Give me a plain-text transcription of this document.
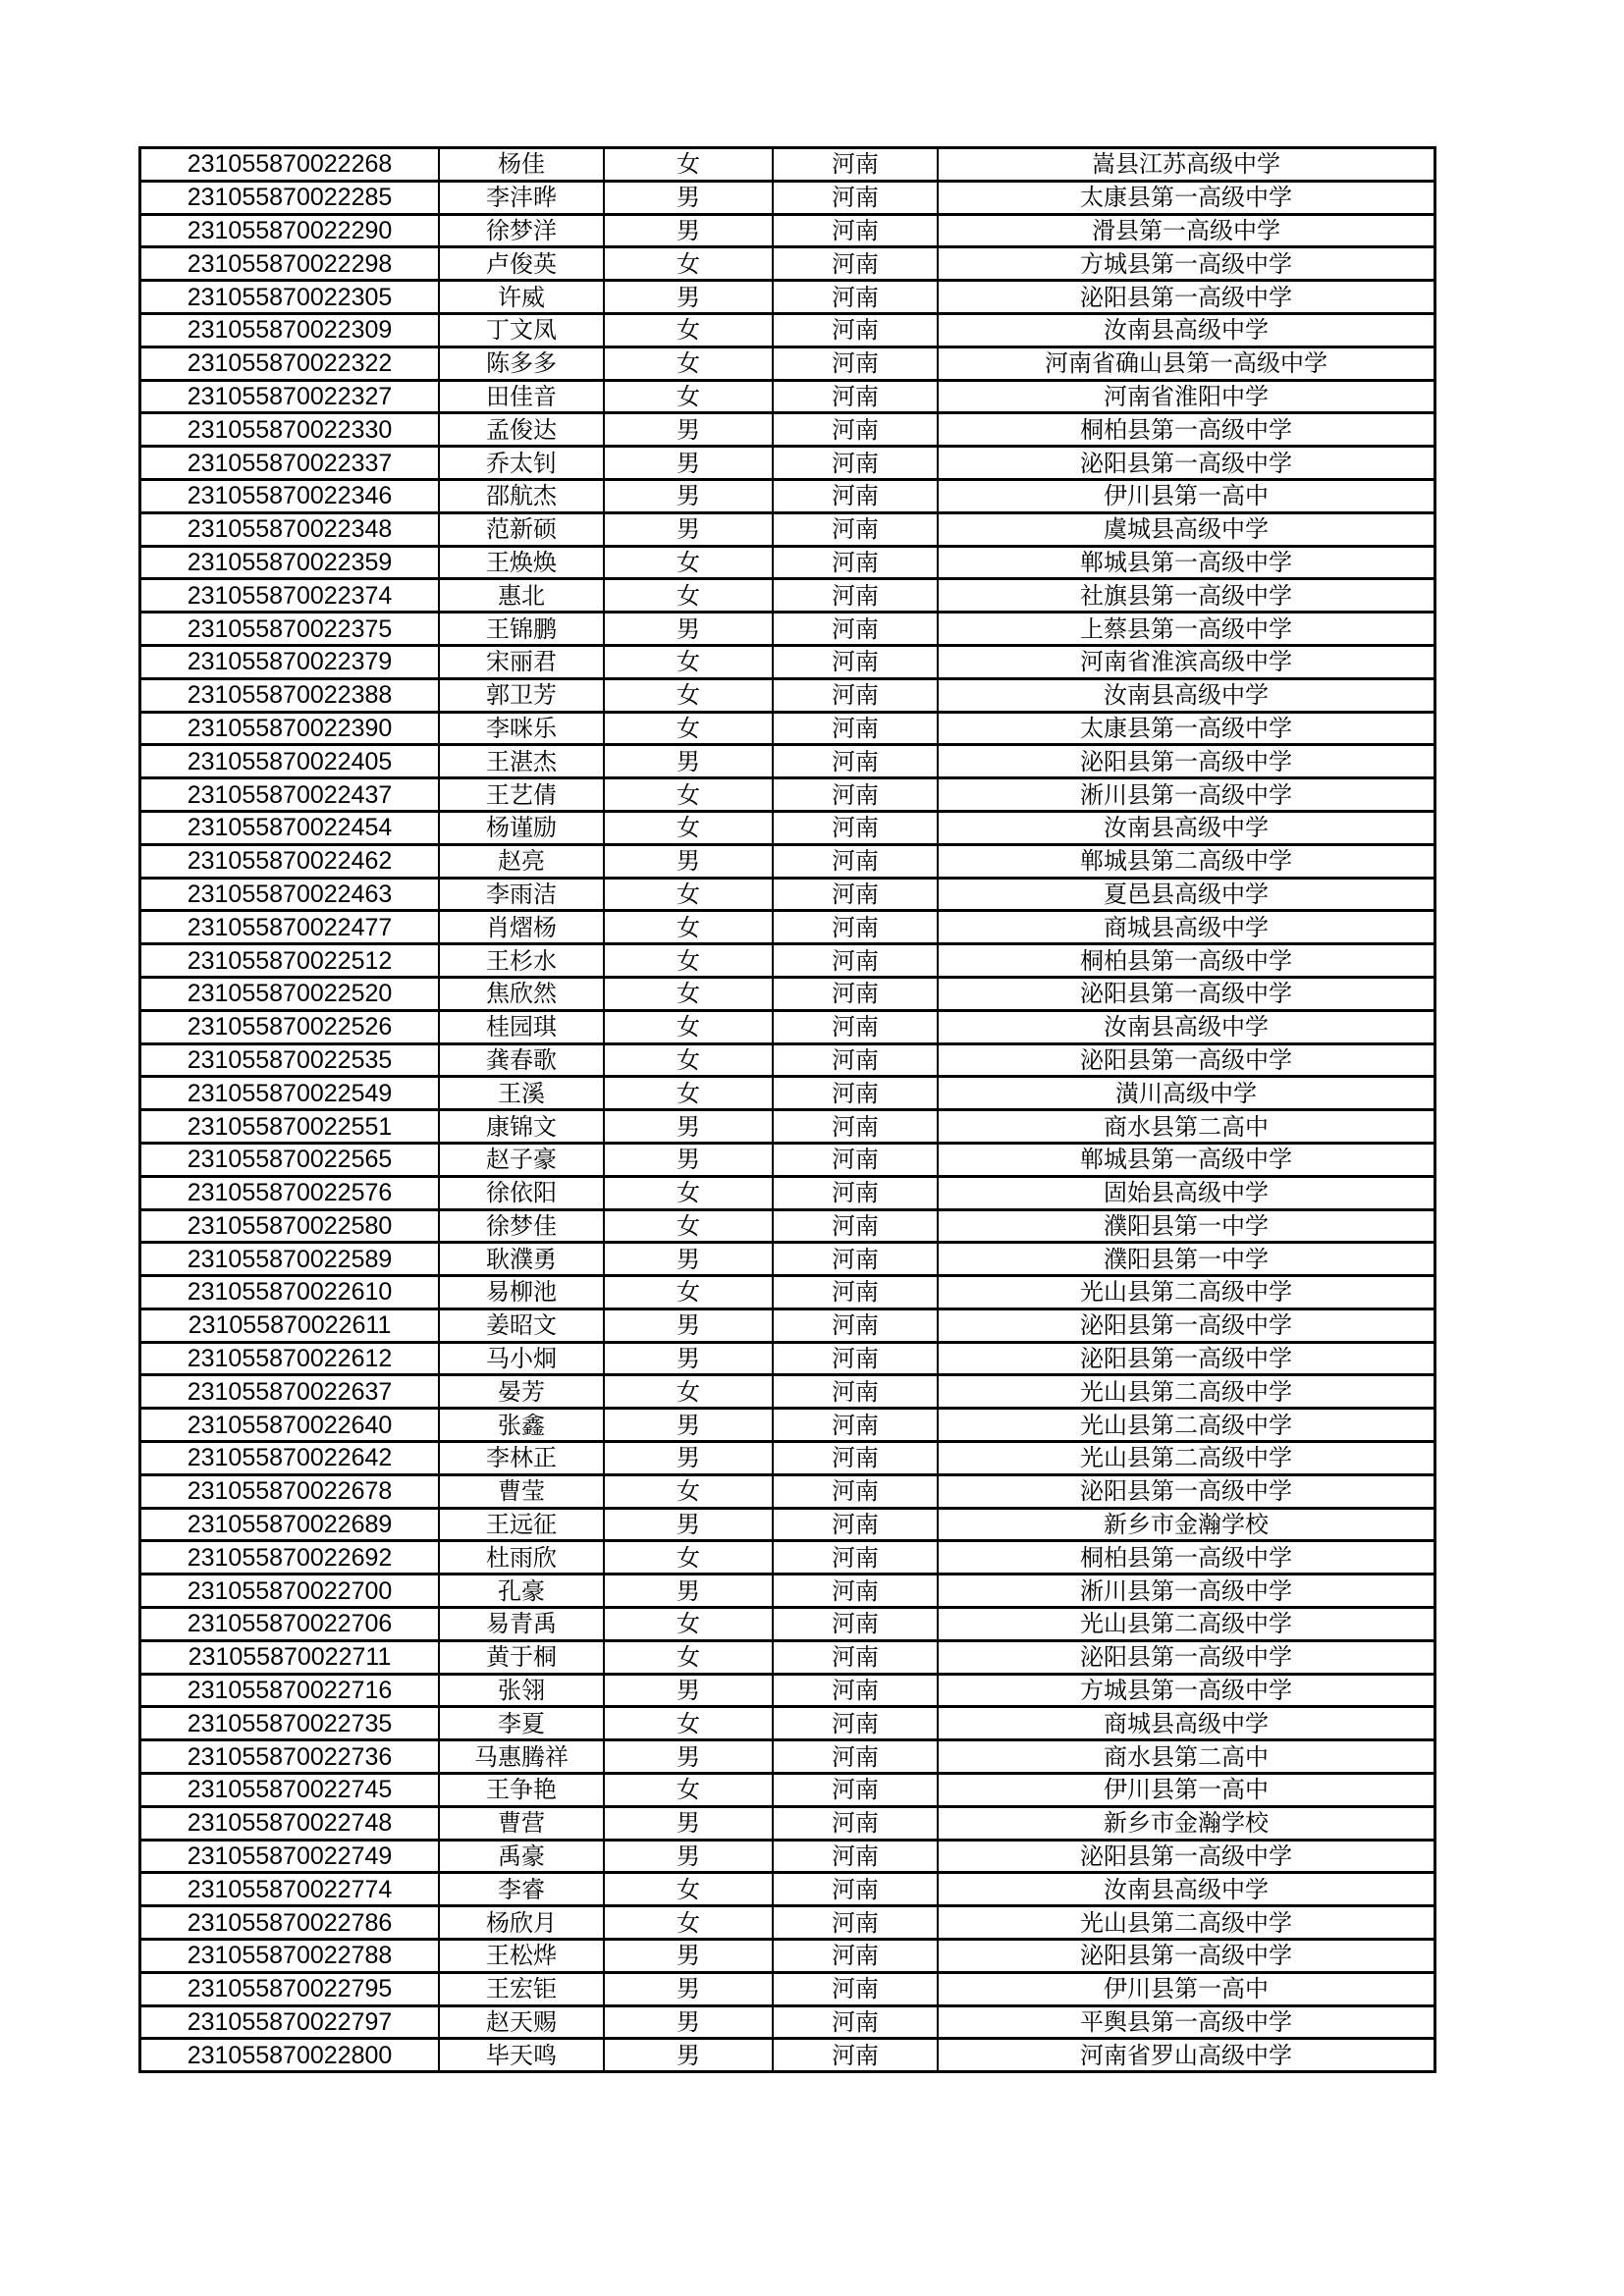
231055870022268	杨佳	女	河南	嵩县江苏高级中学
231055870022285	李沣晔	男	河南	太康县第一高级中学
231055870022290	徐梦洋	男	河南	滑县第一高级中学
231055870022298	卢俊英	女	河南	方城县第一高级中学
231055870022305	许威	男	河南	泌阳县第一高级中学
231055870022309	丁文凤	女	河南	汝南县高级中学
231055870022322	陈多多	女	河南	河南省确山县第一高级中学
231055870022327	田佳音	女	河南	河南省淮阳中学
231055870022330	孟俊达	男	河南	桐柏县第一高级中学
231055870022337	乔太钊	男	河南	泌阳县第一高级中学
231055870022346	邵航杰	男	河南	伊川县第一高中
231055870022348	范新硕	男	河南	虞城县高级中学
231055870022359	王焕焕	女	河南	郸城县第一高级中学
231055870022374	惠北	女	河南	社旗县第一高级中学
231055870022375	王锦鹏	男	河南	上蔡县第一高级中学
231055870022379	宋丽君	女	河南	河南省淮滨高级中学
231055870022388	郭卫芳	女	河南	汝南县高级中学
231055870022390	李咪乐	女	河南	太康县第一高级中学
231055870022405	王湛杰	男	河南	泌阳县第一高级中学
231055870022437	王艺倩	女	河南	淅川县第一高级中学
231055870022454	杨谨励	女	河南	汝南县高级中学
231055870022462	赵亮	男	河南	郸城县第二高级中学
231055870022463	李雨洁	女	河南	夏邑县高级中学
231055870022477	肖熠杨	女	河南	商城县高级中学
231055870022512	王杉水	女	河南	桐柏县第一高级中学
231055870022520	焦欣然	女	河南	泌阳县第一高级中学
231055870022526	桂园琪	女	河南	汝南县高级中学
231055870022535	龚春歌	女	河南	泌阳县第一高级中学
231055870022549	王溪	女	河南	潢川高级中学
231055870022551	康锦文	男	河南	商水县第二高中
231055870022565	赵子豪	男	河南	郸城县第一高级中学
231055870022576	徐依阳	女	河南	固始县高级中学
231055870022580	徐梦佳	女	河南	濮阳县第一中学
231055870022589	耿濮勇	男	河南	濮阳县第一中学
231055870022610	易柳池	女	河南	光山县第二高级中学
231055870022611	姜昭文	男	河南	泌阳县第一高级中学
231055870022612	马小炯	男	河南	泌阳县第一高级中学
231055870022637	晏芳	女	河南	光山县第二高级中学
231055870022640	张鑫	男	河南	光山县第二高级中学
231055870022642	李林正	男	河南	光山县第二高级中学
231055870022678	曹莹	女	河南	泌阳县第一高级中学
231055870022689	王远征	男	河南	新乡市金瀚学校
231055870022692	杜雨欣	女	河南	桐柏县第一高级中学
231055870022700	孔豪	男	河南	淅川县第一高级中学
231055870022706	易青禹	女	河南	光山县第二高级中学
231055870022711	黄于桐	女	河南	泌阳县第一高级中学
231055870022716	张翎	男	河南	方城县第一高级中学
231055870022735	李夏	女	河南	商城县高级中学
231055870022736	马惠腾祥	男	河南	商水县第二高中
231055870022745	王争艳	女	河南	伊川县第一高中
231055870022748	曹营	男	河南	新乡市金瀚学校
231055870022749	禹豪	男	河南	泌阳县第一高级中学
231055870022774	李睿	女	河南	汝南县高级中学
231055870022786	杨欣月	女	河南	光山县第二高级中学
231055870022788	王松烨	男	河南	泌阳县第一高级中学
231055870022795	王宏钜	男	河南	伊川县第一高中
231055870022797	赵天赐	男	河南	平舆县第一高级中学
231055870022800	毕天鸣	男	河南	河南省罗山高级中学
